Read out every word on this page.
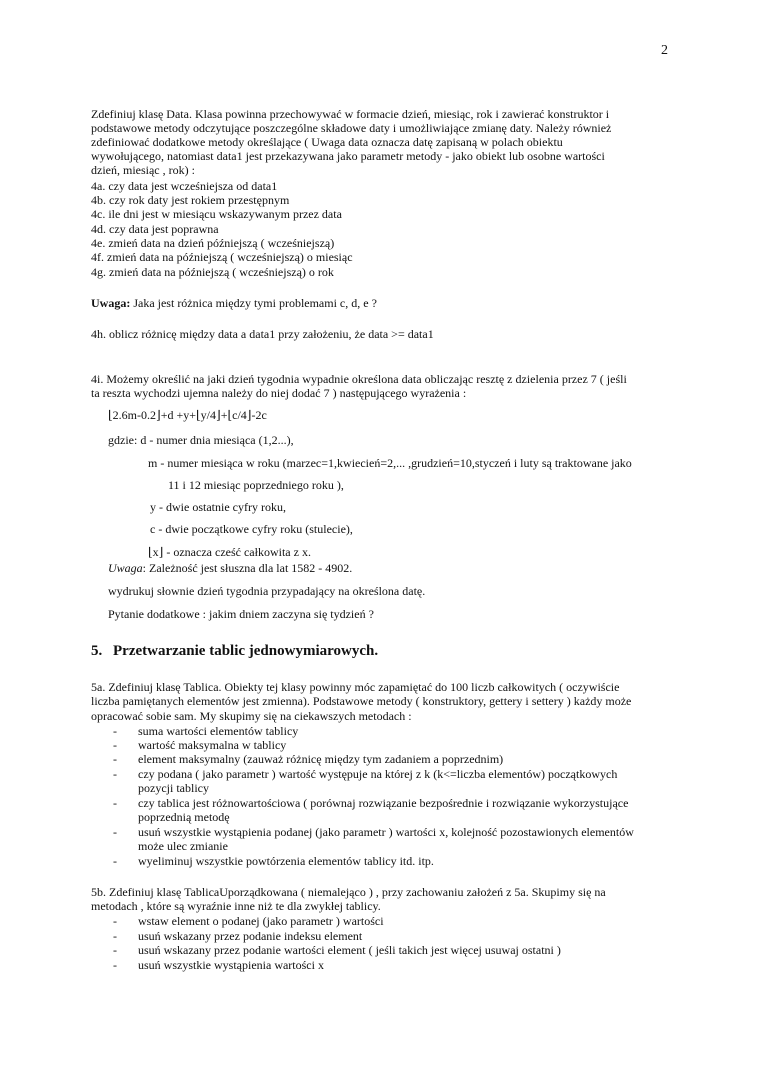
2
Zdefiniuj klasę Data. Klasa powinna przechowywać w formacie dzień, miesiąc, rok i zawierać konstruktor i
podstawowe metody odczytujące poszczególne składowe daty i umożliwiające zmianę daty. Należy również
zdefiniować dodatkowe metody określające ( Uwaga data oznacza datę zapisaną w polach obiektu
wywołującego, natomiast data1 jest przekazywana jako parametr metody - jako obiekt lub osobne wartości
dzień, miesiąc , rok) :
4a. czy data jest wcześniejsza od data1
4b. czy rok daty jest rokiem przestępnym
4c. ile dni jest w miesiącu wskazywanym przez data
4d. czy data jest poprawna
4e. zmień data na dzień późniejszą ( wcześniejszą)
4f. zmień data na późniejszą ( wcześniejszą) o miesiąc
4g. zmień data na późniejszą ( wcześniejszą) o rok
Uwaga: Jaka jest różnica między tymi problemami c, d, e ?
4h. oblicz różnicę między data a data1 przy założeniu, że data >= data1
4i. Możemy określić na jaki dzień tygodnia wypadnie określona data obliczając resztę z dzielenia przez 7 ( jeśli
ta reszta wychodzi ujemna należy do niej dodać 7 ) następującego wyrażenia :
⌊2.6m-0.2⌋+d +y+⌊y/4⌋+⌊c/4⌋-2c
gdzie: d - numer dnia miesiąca (1,2...),
m - numer miesiąca w roku (marzec=1,kwiecień=2,... ,grudzień=10,styczeń i luty są traktowane jako
11 i 12 miesiąc poprzedniego roku ),
y - dwie ostatnie cyfry roku,
c - dwie początkowe cyfry roku (stulecie),
⌊x⌋ - oznacza cześć całkowita z x.
Uwaga: Zależność jest słuszna dla lat 1582 - 4902.
wydrukuj słownie dzień tygodnia przypadający na określona datę.
Pytanie dodatkowe : jakim dniem zaczyna się tydzień ?
5. Przetwarzanie tablic jednowymiarowych.
5a. Zdefiniuj klasę Tablica. Obiekty tej klasy powinny móc zapamiętać do 100 liczb całkowitych ( oczywiście
liczba pamiętanych elementów jest zmienna). Podstawowe metody ( konstruktory, gettery i settery ) każdy może
opracować sobie sam. My skupimy się na ciekawszych metodach :
- suma wartości elementów tablicy
- wartość maksymalna w tablicy
- element maksymalny (zauważ różnicę między tym zadaniem a poprzednim)
- czy podana ( jako parametr ) wartość występuje na której z k (k<=liczba elementów) początkowych
pozycji tablicy
- czy tablica jest różnowartościowa ( porównaj rozwiązanie bezpośrednie i rozwiązanie wykorzystujące
poprzednią metodę
- usuń wszystkie wystąpienia podanej (jako parametr ) wartości x, kolejność pozostawionych elementów
może ulec zmianie
- wyeliminuj wszystkie powtórzenia elementów tablicy itd. itp.
5b. Zdefiniuj klasę TablicaUporządkowana ( niemalejąco ) , przy zachowaniu założeń z 5a. Skupimy się na
metodach , które są wyraźnie inne niż te dla zwykłej tablicy.
- wstaw element o podanej (jako parametr ) wartości
- usuń wskazany przez podanie indeksu element
- usuń wskazany przez podanie wartości element ( jeśli takich jest więcej usuwaj ostatni )
- usuń wszystkie wystąpienia wartości x
